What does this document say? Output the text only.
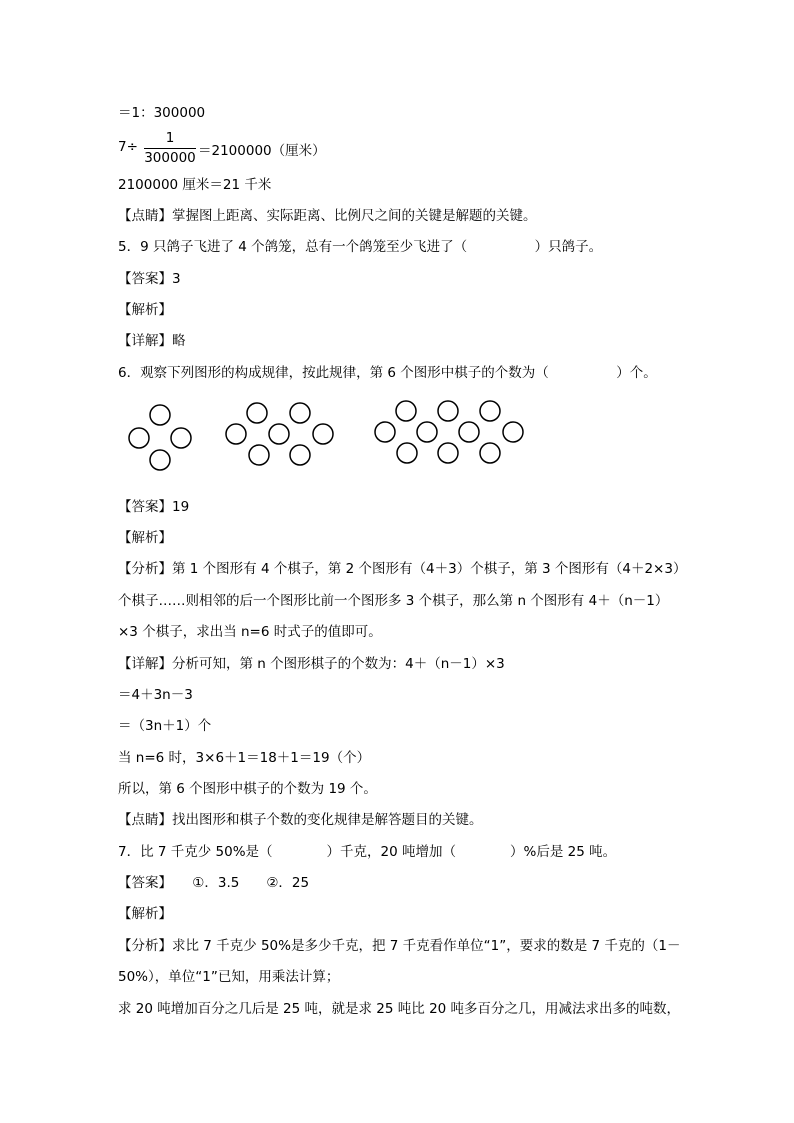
＝1：300000
7÷
1
300000 ＝2100000（厘米）
2100000 厘米＝21 千米
【点睛】掌握图上距离、实际距离、比例尺之间的关键是解题的关键。
5．9 只鸽子飞进了 4 个鸽笼，总有一个鸽笼至少飞进了（　　　　　）只鸽子。
【答案】3
【解析】
【详解】略
6．观察下列图形的构成规律，按此规律，第 6 个图形中棋子的个数为（　　　　　）个。
【答案】19
【解析】
【分析】第 1 个图形有 4 个棋子，第 2 个图形有（4＋3）个棋子，第 3 个图形有（4＋2×3）
个棋子……则相邻的后一个图形比前一个图形多 3 个棋子，那么第 n 个图形有 4＋（n－1）
×3 个棋子，求出当 n=6 时式子的值即可。
【详解】分析可知，第 n 个图形棋子的个数为：4＋（n－1）×3
＝4＋3n－3
＝（3n＋1）个
当 n=6 时，3×6＋1＝18＋1＝19（个）
所以，第 6 个图形中棋子的个数为 19 个。
【点睛】找出图形和棋子个数的变化规律是解答题目的关键。
7．比 7 千克少 50%是（　　　　）千克，20 吨增加（　　　　）%后是 25 吨。
【答案】　　①．3.5　　②．25
【解析】
【分析】求比 7 千克少 50%是多少千克，把 7 千克看作单位“1”，要求的数是 7 千克的（1－
50%），单位“1”已知，用乘法计算；
求 20 吨增加百分之几后是 25 吨，就是求 25 吨比 20 吨多百分之几，用减法求出多的吨数，
